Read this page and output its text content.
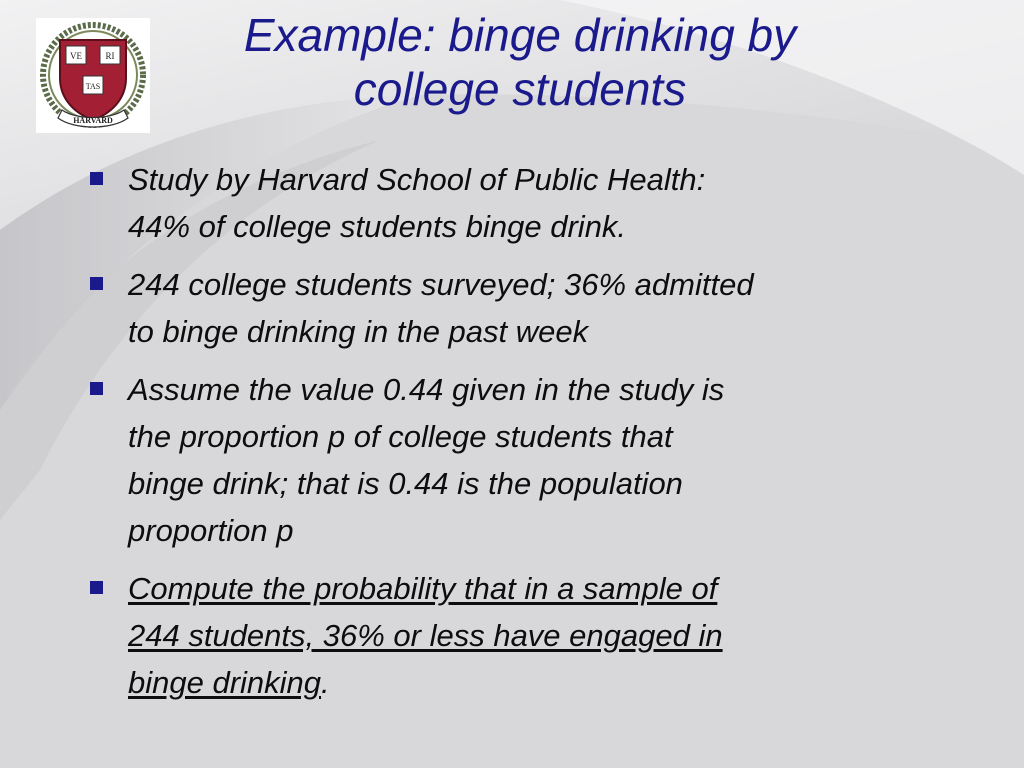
VE	RI
TAS
HARVARD
Example: binge drinking by
college students
Study by Harvard School of Public Health:
44% of college students binge drink.
244 college students surveyed; 36% admitted
to binge drinking in the past week
Assume the value 0.44 given in the study is
the proportion p of college students that
binge drink; that is 0.44 is the population
proportion p
Compute the probability that in a sample of
244 students, 36% or less have engaged in
binge drinking.
